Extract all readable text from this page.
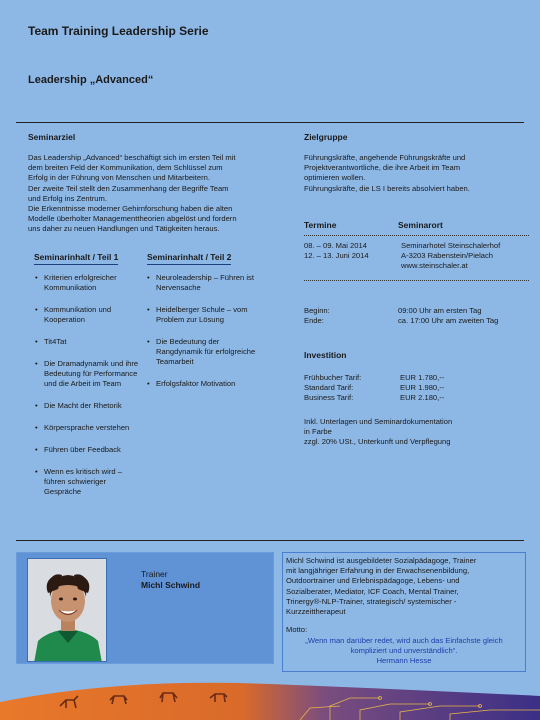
Team Training Leadership Serie
Leadership „Advanced“
Seminarziel
Das Leadership „Advanced“ beschäftigt sich im ersten Teil mit
dem breiten Feld der Kommunikation, dem Schlüssel zum
Erfolg in der Führung von Menschen und Mitarbeitern.
Der zweite Teil stellt den Zusammenhang der Begriffe Team
und Erfolg ins Zentrum.
Die Erkenntnisse moderner Gehirnforschung haben die alten
Modelle überholter Managementtheorien abgelöst und fordern
uns daher zu neuen Handlungen und Tätigkeiten heraus.
Seminarinhalt / Teil 1	Seminarinhalt / Teil 2
• Kriterien erfolgreicher Kommunikation
• Kommunikation und Kooperation
• Tit4Tat
• Die Dramadynamik und ihre Bedeutung für Performance und die Arbeit im Team
• Die Macht der Rhetorik
• Körpersprache verstehen
• Führen über Feedback
• Wenn es kritisch wird – führen schwieriger Gespräche
• Neuroleadership – Führen ist Nervensache
• Heidelberger Schule – vom Problem zur Lösung
• Die Bedeutung der Rangdynamik für erfolgreiche Teamarbeit
• Erfolgsfaktor Motivation
Zielgruppe
Führungskräfte, angehende Führungskräfte und
Projektverantwortliche, die ihre Arbeit im Team
optimieren wollen.
Führungskräfte, die LS I bereits absolviert haben.
Termine	Seminarort
08. – 09. Mai 2014
12. – 13. Juni 2014
Seminarhotel Steinschalerhof
A-3203 Rabenstein/Pielach
www.steinschaler.at
Beginn:
Ende:
09:00 Uhr am ersten Tag
ca. 17:00 Uhr am zweiten Tag
Investition
Frühbucher Tarif:
Standard Tarif:
Business Tarif:
EUR 1.780,--
EUR 1.980,--
EUR 2.180,--
Inkl. Unterlagen und Seminardokumentation
in Farbe
zzgl. 20% USt., Unterkunft und Verpflegung
Trainer
Michl Schwind
Michl Schwind ist ausgebildeter Sozialpädagoge, Trainer
mit langjähriger Erfahrung in der Erwachsenenbildung,
Outdoortrainer und Erlebnispädagoge, Lebens- und
Sozialberater, Mediator, ICF Coach, Mental Trainer,
Trinergy®-NLP-Trainer, strategisch/ systemischer -
Kurzzeittherapeut
Motto:
„Wenn man darüber redet, wird auch das Einfachste gleich
kompliziert und unverständlich“.
Hermann Hesse
